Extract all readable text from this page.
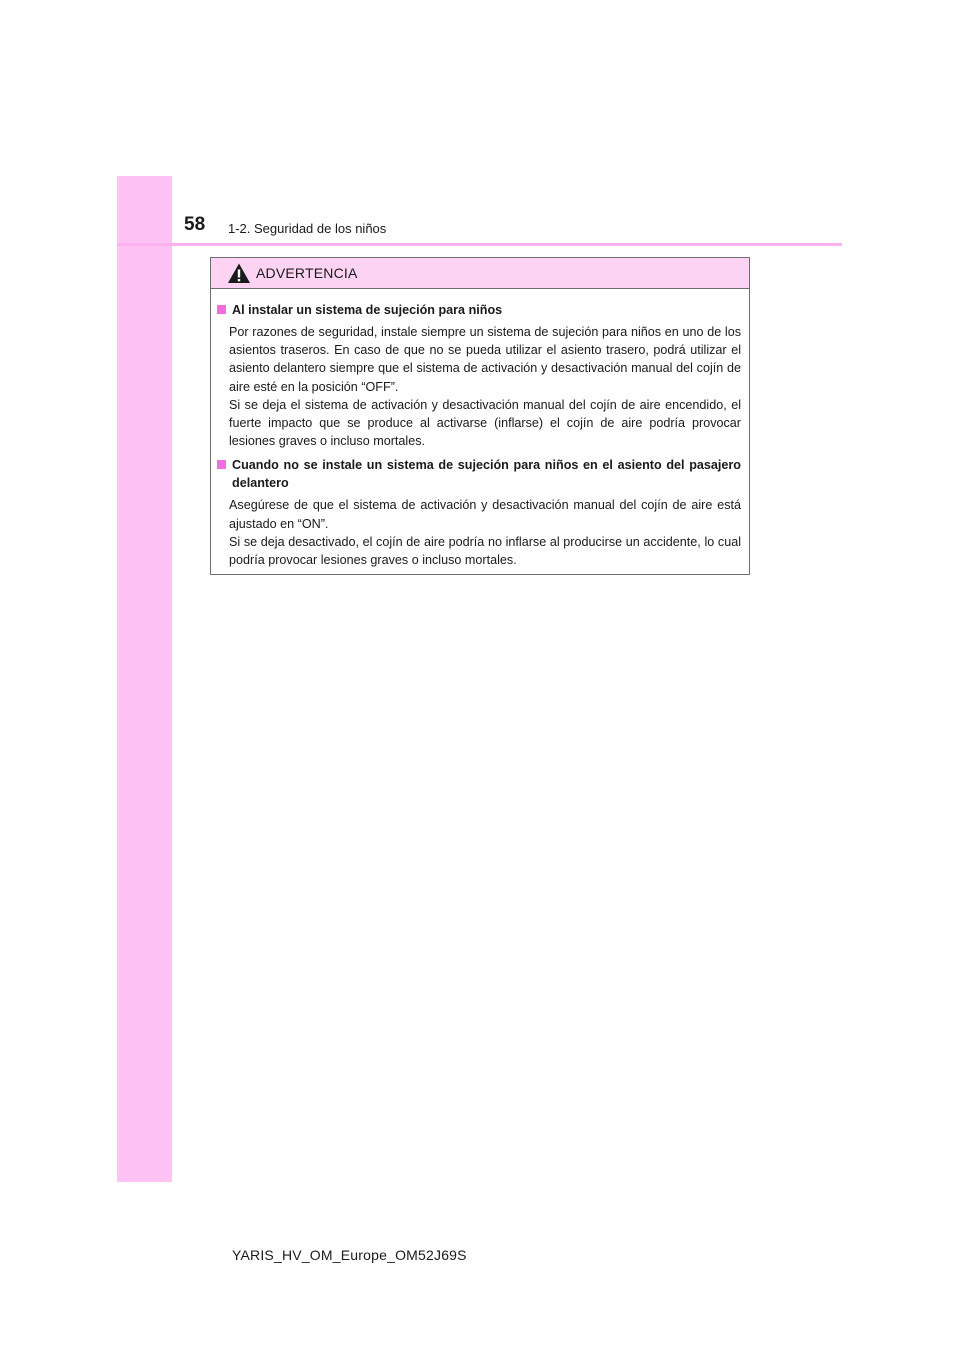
58 1-2. Seguridad de los niños
ADVERTENCIA
Al instalar un sistema de sujeción para niños

Por razones de seguridad, instale siempre un sistema de sujeción para niños en uno de los asientos traseros. En caso de que no se pueda utilizar el asiento trasero, podrá utilizar el asiento delantero siempre que el sistema de activación y desactivación manual del cojín de aire esté en la posición “OFF”.

Si se deja el sistema de activación y desactivación manual del cojín de aire encendido, el fuerte impacto que se produce al activarse (inflarse) el cojín de aire podría provocar lesiones graves o incluso mortales.

Cuando no se instale un sistema de sujeción para niños en el asiento del pasajero delantero

Asegúrese de que el sistema de activación y desactivación manual del cojín de aire está ajustado en “ON”.

Si se deja desactivado, el cojín de aire podría no inflarse al producirse un accidente, lo cual podría provocar lesiones graves o incluso mortales.

YARIS_HV_OM_Europe_OM52J69S
